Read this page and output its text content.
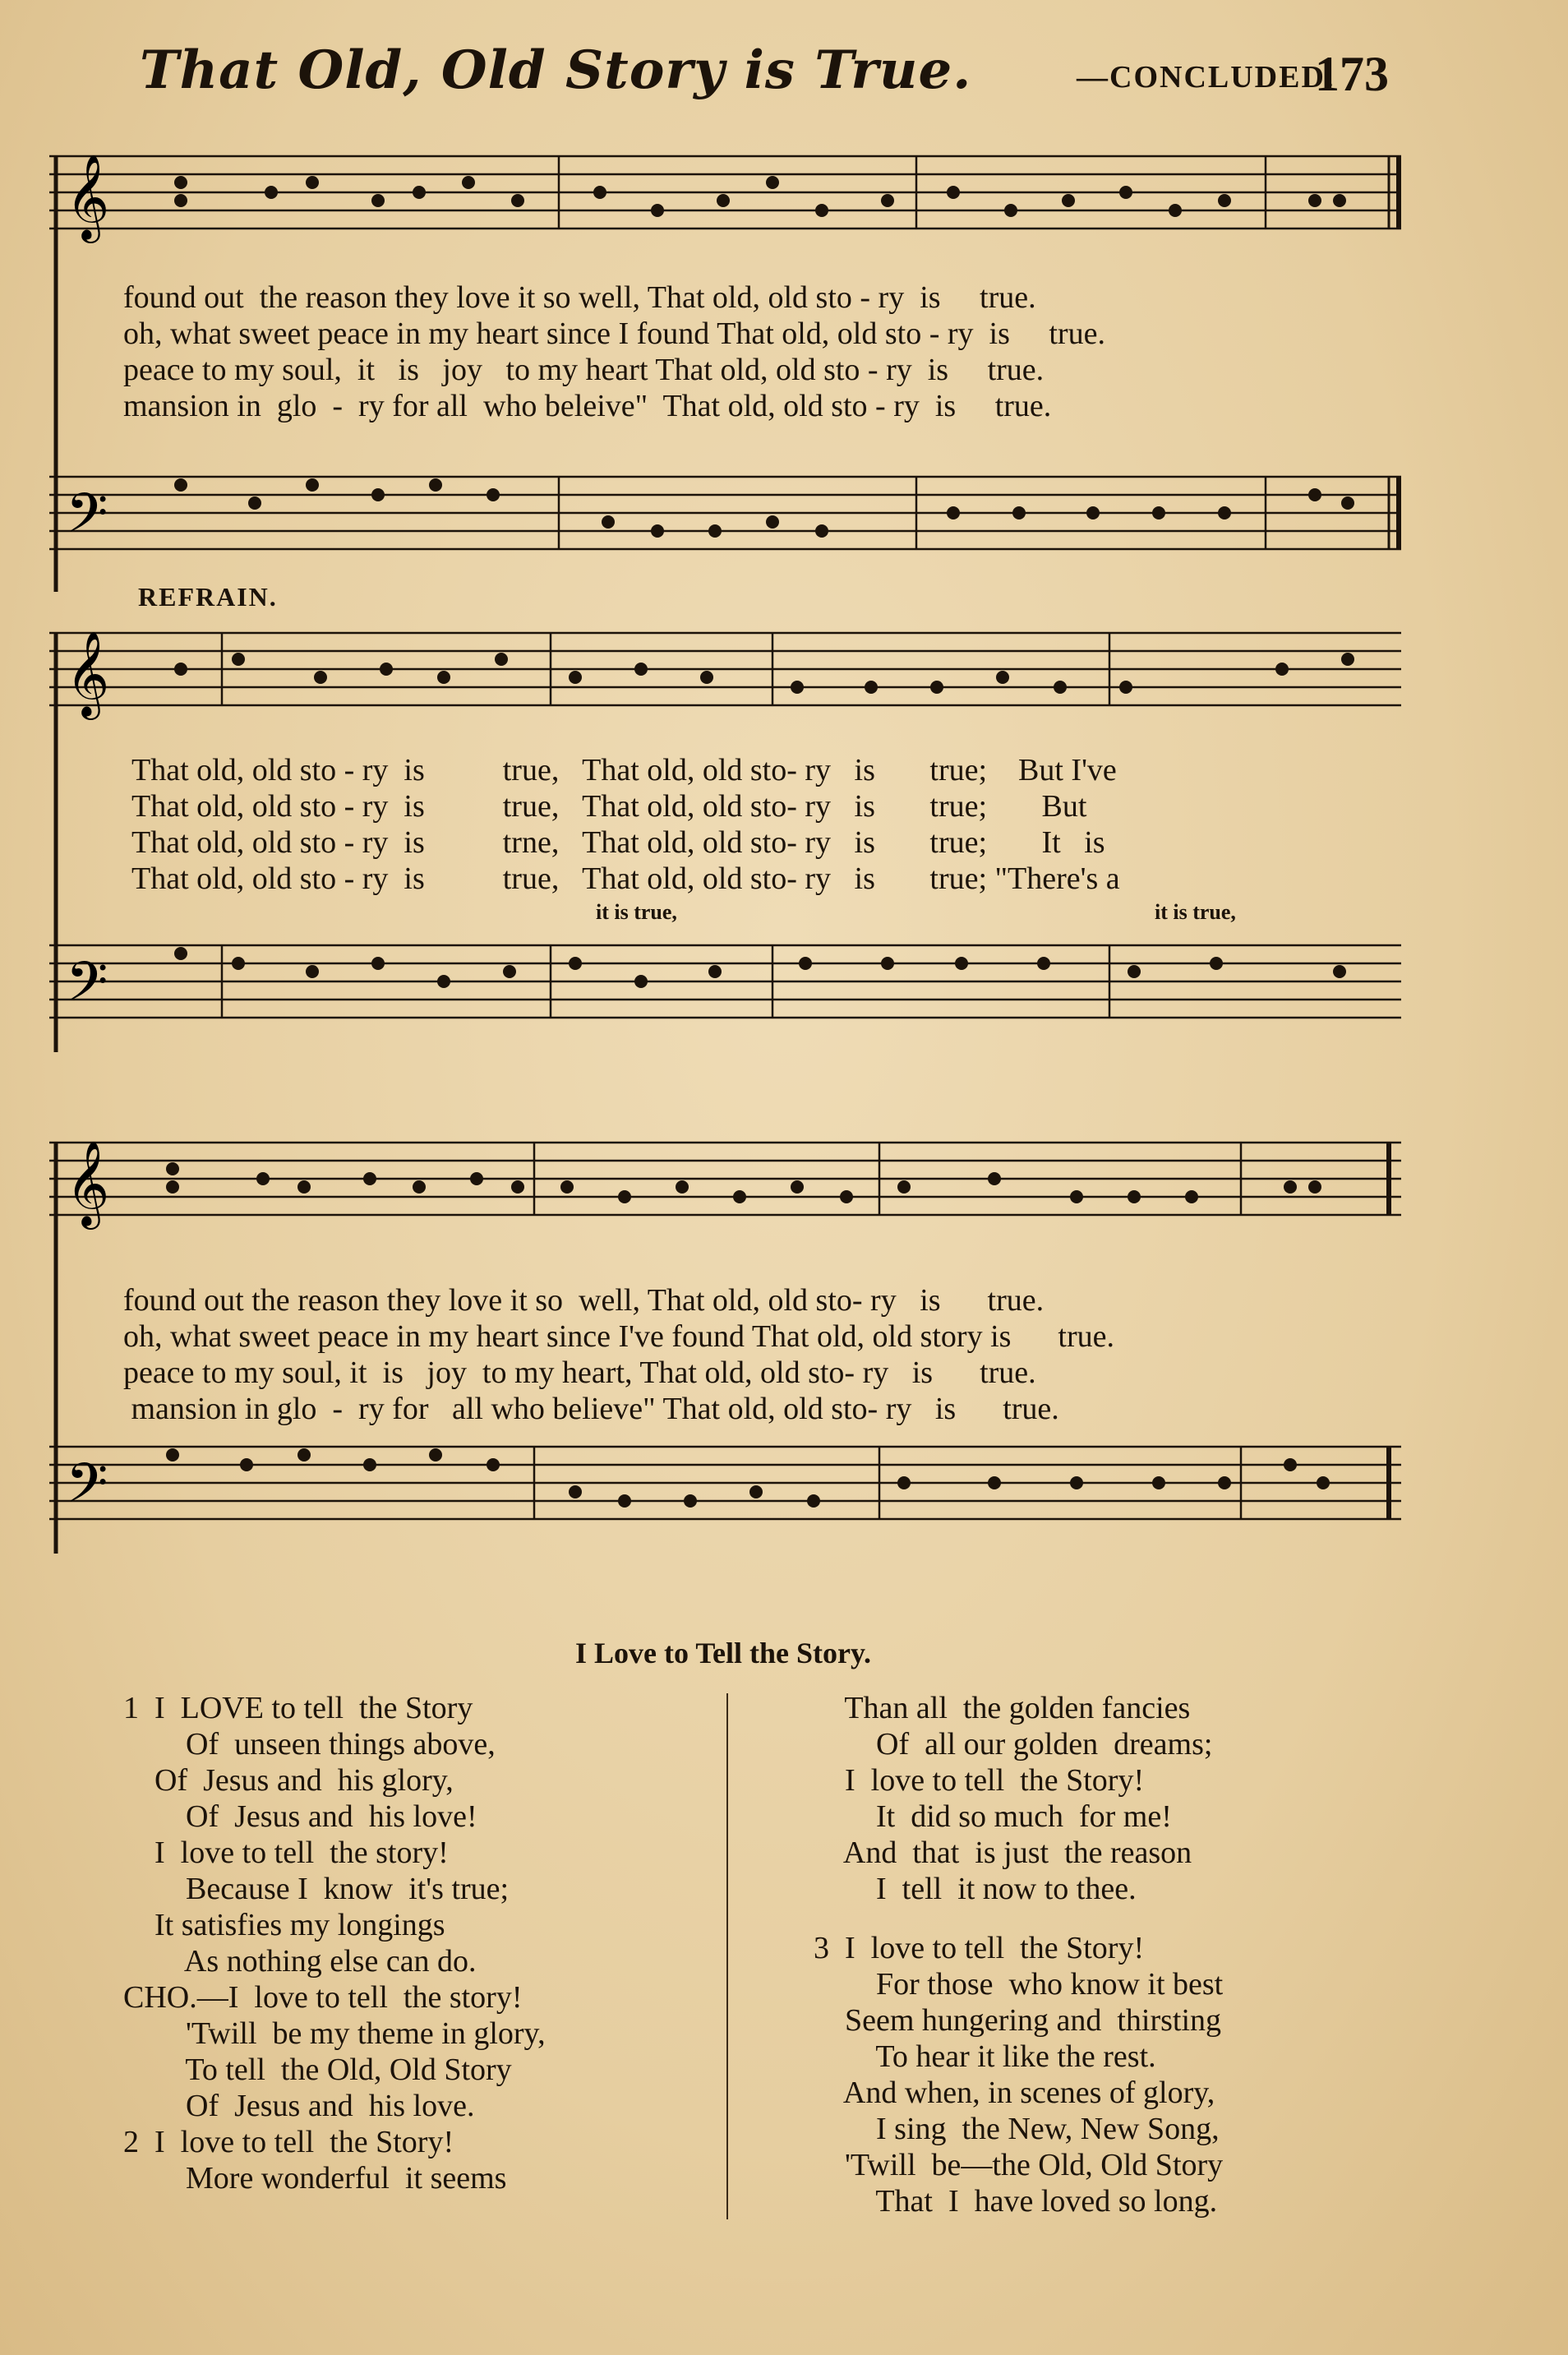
That Old, Old Story is True.	—CONCLUDED.
173
𝄞
𝄢
found out  the reason they love it so well, That old, old sto - ry  is     true.
oh, what sweet peace in my heart since I found That old, old sto - ry  is     true.
peace to my soul,  it   is   joy   to my heart That old, old sto - ry  is     true.
mansion in  glo  -  ry for all  who beleive"  That old, old sto - ry  is     true.
REFRAIN.
𝄞
𝄢
That old, old sto - ry  is          true,   That old, old sto- ry   is       true;    But I've
That old, old sto - ry  is          true,   That old, old sto- ry   is       true;       But
That old, old sto - ry  is          trne,   That old, old sto- ry   is       true;       It   is
That old, old sto - ry  is          true,   That old, old sto- ry   is       true; "There's a
it is true,	it is true,
𝄞
𝄢
found out the reason they love it so  well, That old, old sto- ry   is      true.
oh, what sweet peace in my heart since I've found That old, old story is      true.
peace to my soul, it  is   joy  to my heart, That old, old sto- ry   is      true.
mansion in glo  -  ry for   all who believe" That old, old sto- ry   is      true.
I Love to Tell the Story.
1  I  LOVE to tell  the Story
Of  unseen things above,
Of  Jesus and  his glory,
Of  Jesus and  his love!
I  love to tell  the story!
Because I  know  it's true;
It satisfies my longings
As nothing else can do.
CHO.—I  love to tell  the story!
'Twill  be my theme in glory,
To tell  the Old, Old Story
Of  Jesus and  his love.
2  I  love to tell  the Story!
More wonderful  it seems
Than all  the golden fancies
Of  all our golden  dreams;
I  love to tell  the Story!
It  did so much  for me!
And  that  is just  the reason
I  tell  it now to thee.
3  I  love to tell  the Story!
For those  who know it best
Seem hungering and  thirsting
To hear it like the rest.
And when, in scenes of glory,
I sing  the New, New Song,
'Twill  be—the Old, Old Story
That  I  have loved so long.
